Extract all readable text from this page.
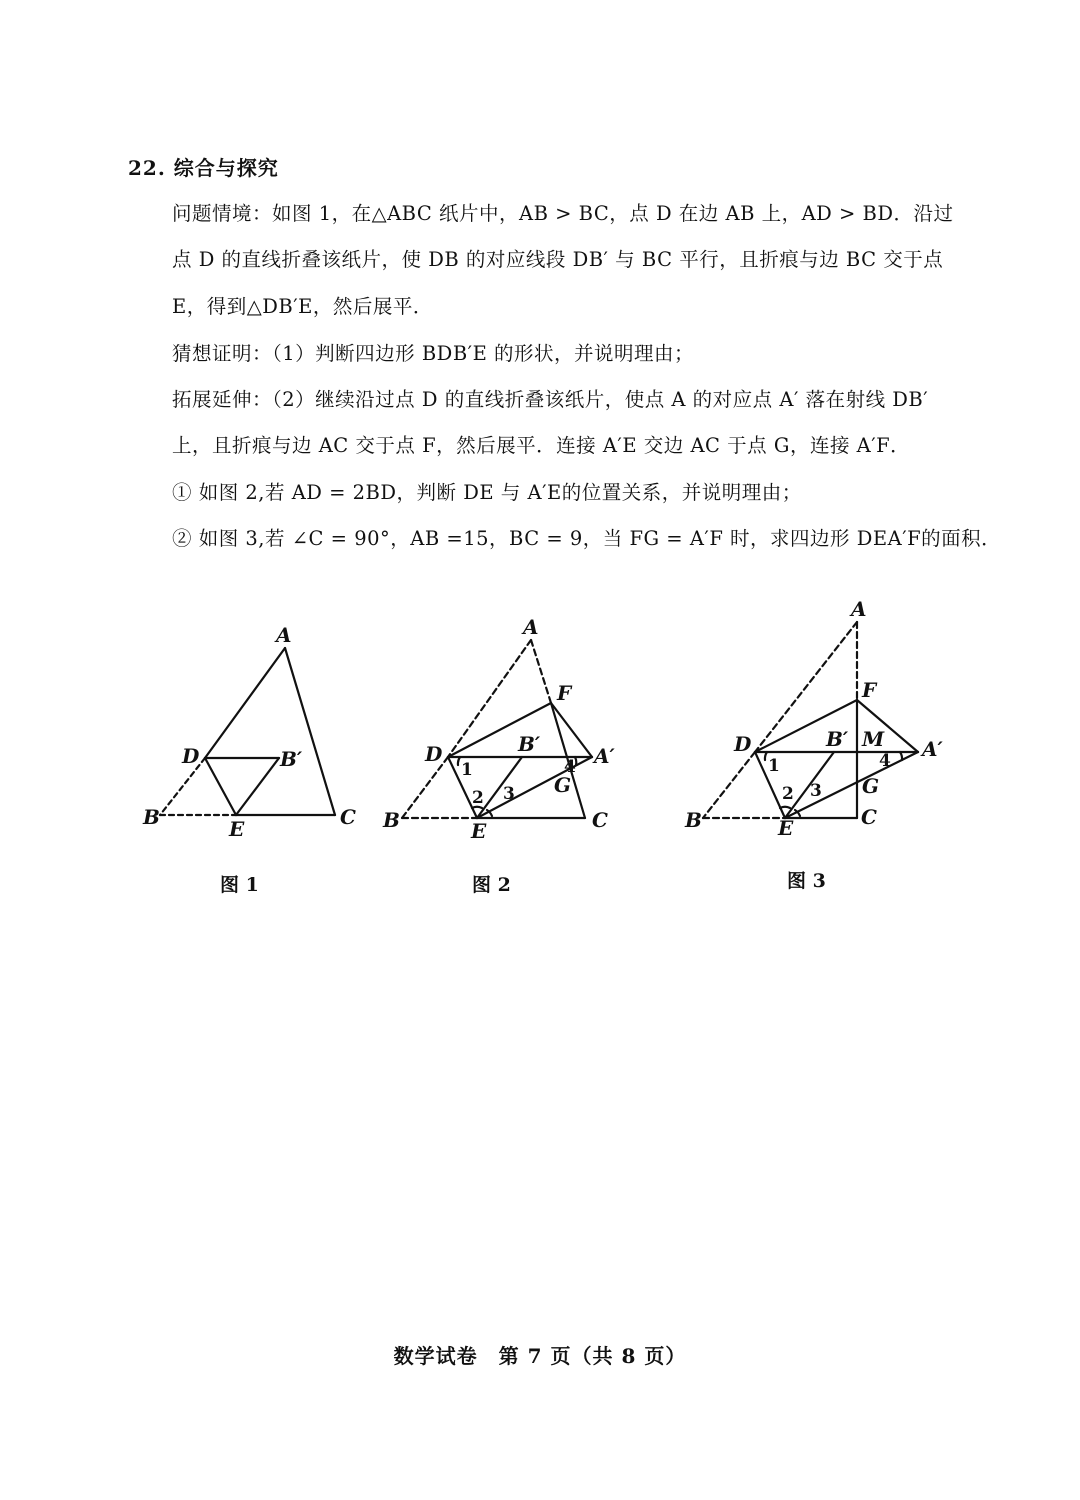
22. 综合与探究
问题情境：如图 1，在△ABC 纸片中，AB > BC，点 D 在边 AB 上，AD > BD．沿过
点 D 的直线折叠该纸片，使 DB 的对应线段 DB′ 与 BC 平行，且折痕与边 BC 交于点
E，得到△DB′E，然后展平．
猜想证明：（1）判断四边形 BDB′E 的形状，并说明理由；
拓展延伸：（2）继续沿过点 D 的直线折叠该纸片，使点 A 的对应点 A′ 落在射线 DB′
上，且折痕与边 AC 交于点 F，然后展平．连接 A′E 交边 AC 于点 G，连接 A′F．
① 如图 2,若 AD = 2BD，判断 DE 与 A′E的位置关系，并说明理由；
② 如图 3,若 ∠C = 90°，AB =15，BC = 9，当 FG = A′F 时，求四边形 DEA′F的面积．
A
D	B′
B	E	C
A
F
D	B′	A′
G
B	E	C
A
F
D	B′ M A′
G
B	E	C
1
2 3
4	1
2 3
4
图 1	图 2	图 3
数学试卷　第 7 页（共 8 页）
